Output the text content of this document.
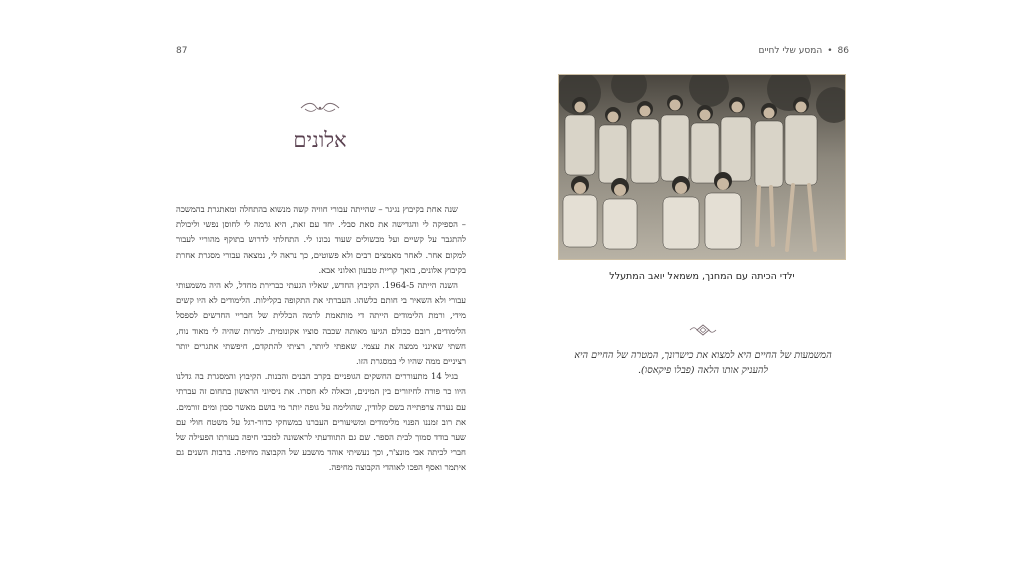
87
אלונים

שנה אחת בקיבוץ נגיגר – שהייתה עבורי חוויה קשה מנשוא בהתחלה ומאתגרת בהמשכה – הספיקה לי והגדישה את סאת סבלי. יחד עם זאת, היא גרמה לי לחוסן נפשי וליכולת להתגבר על קשיים ועל מכשולים שעוד נכונו לי. התחלתי לדרוש בתוקף מהוריי לעבור למקום אחר. לאחר מאמצים רבים ולא פשוטים, כך נראה לי, נמצאה עבורי מסגרת אחרת בקיבוץ אלונים, בואך קריית טבעון ואלוני אבא.

השנה הייתה 1964-5. הקיבוץ החדש, שאליו הגעתי כברירת מחדל, לא היה משמעותי עבורי ולא השאיר בי חותם כלשהו. העברתי את התקופה בקלילות. הלימודים לא היו קשים מידי, ורמת הלימודים הייתה די מותאמת לרמה הכללית של חבריי החדשים לספסל הלימודים, רובם ככולם הגיעו מאותה שכבה סוציו אקונומית. למרות שהיה לי מאוד נוח, חשתי שאינני ממצה את עצמי. שאפתי ליותר, רציתי להתקדם, חיפשתי אתגרים יותר רציניים ממה שהיו לי במסגרת הזו.

בגיל 14 מתעוררים החשקים הגופניים בקרב הבנים והבנות. הקיבוץ והמסגרת בה גדלנו היוו כר פורה לחיזורים בין המינים, וכאלה לא חסרו. את ניסיוני הראשון בתחום זה עברתי עם נערה צרפתייה בשם קלודין, שהולימה על גופה יותר מי בושם מאשר סבון ומים זורמים. את רוב זמננו הפנוי מלימודים ומשיעורים העברנו במשחקי כדור-רגל על משטח חולי עם שער בודד סמוך לבית הספר. שם גם התוודעתי לראשונה למכבי חיפה בעזרתו הפעילה של חברי לכיתה אבי מונצ'ר, וכך נעשיתי אוהד מושבע של הקבוצה מחיפה. ברבות השנים גם איתמר ואסף הפכו לאוהדי הקבוצה מחיפה.

86
•
המסע שלי לחיים
ילדי הכיתה עם המחנך, משמאל יואב המתעלל
המשמעות של החיים היא למצוא את כישרונך, המטרה של החיים היא להעניק אותו הלאה (פבלו פיקאסו).
